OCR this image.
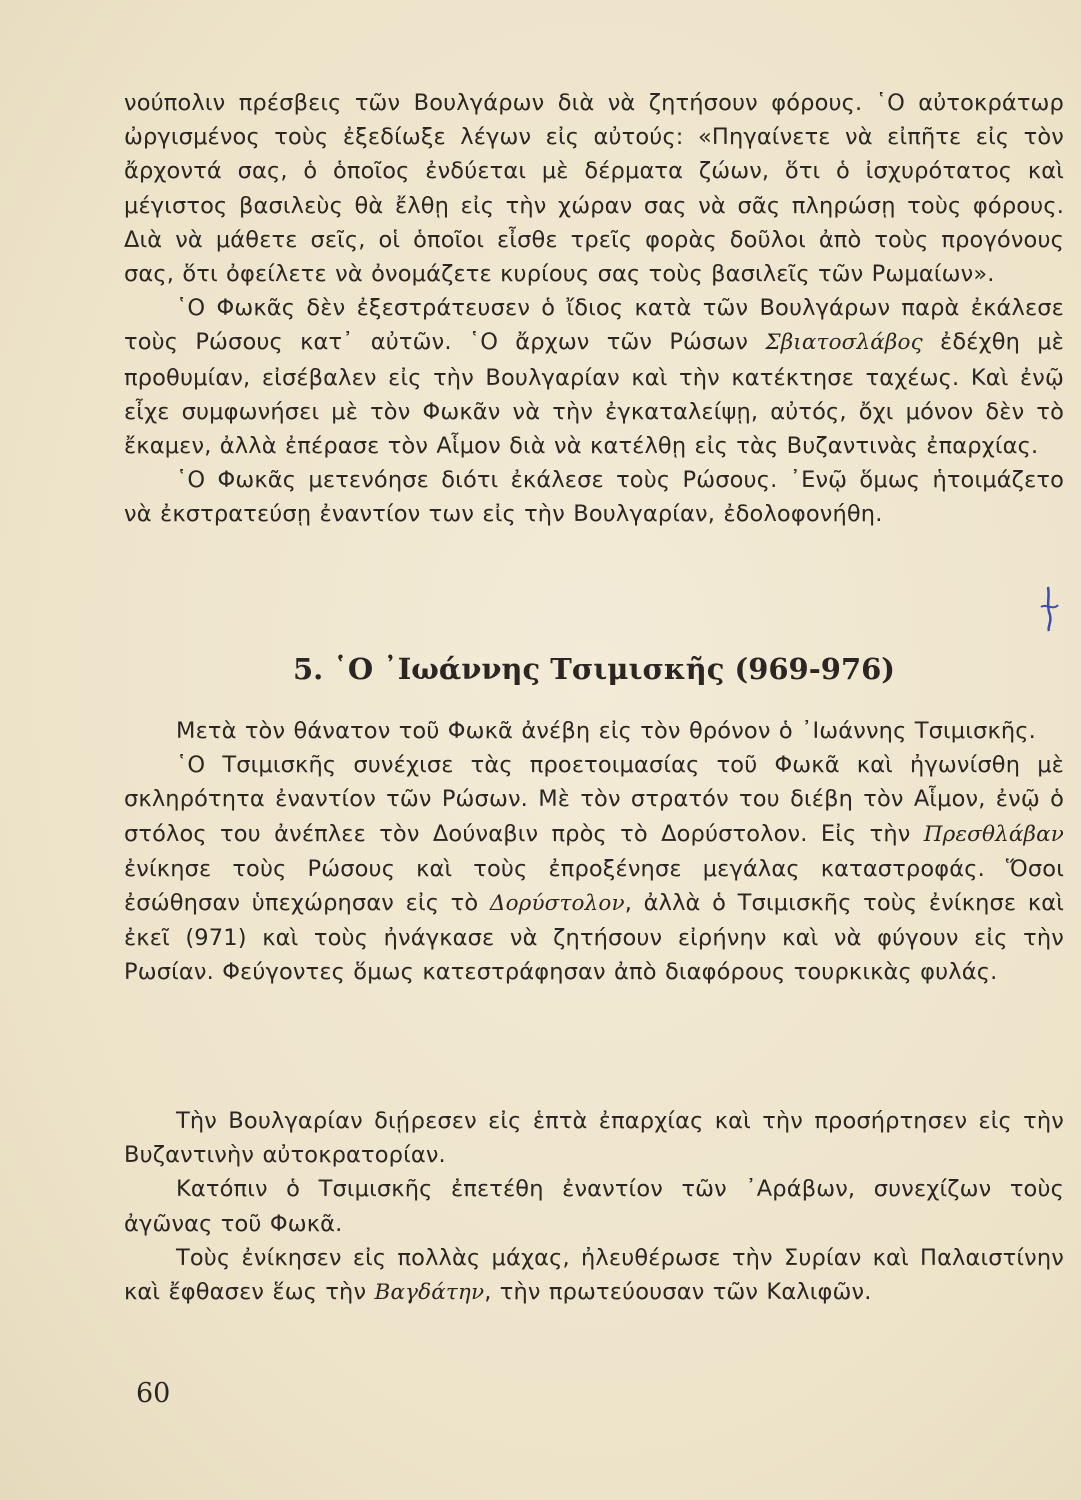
νούπολιν πρέσβεις τῶν Βουλγάρων διὰ νὰ ζητήσουν φόρους. ῾Ο αὐτοκράτωρ ὠργισμένος τοὺς ἐξεδίωξε λέγων εἰς αὐτούς: «Πηγαίνετε νὰ εἰπῆτε εἰς τὸν ἄρχοντά σας, ὁ ὁποῖος ἐνδύεται μὲ δέρματα ζώων, ὅτι ὁ ἰσχυρότατος καὶ μέγιστος βασιλεὺς θὰ ἔλθῃ εἰς τὴν χώραν σας νὰ σᾶς πληρώσῃ τοὺς φόρους. Διὰ νὰ μάθετε σεῖς, οἱ ὁποῖοι εἶσθε τρεῖς φορὰς δοῦλοι ἀπὸ τοὺς προγόνους σας, ὅτι ὀφείλετε νὰ ὀνομάζετε κυρίους σας τοὺς βασιλεῖς τῶν Ρωμαίων».

῾Ο Φωκᾶς δὲν ἐξεστράτευσεν ὁ ἴδιος κατὰ τῶν Βουλγάρων παρὰ ἐκάλεσε τοὺς Ρώσους κατ᾽ αὐτῶν. ῾Ο ἄρχων τῶν Ρώσων Σβιατοσλάβος ἐδέχθη μὲ προθυμίαν, εἰσέβαλεν εἰς τὴν Βουλγαρίαν καὶ τὴν κατέκτησε ταχέως. Καὶ ἐνῷ εἶχε συμφωνήσει μὲ τὸν Φωκᾶν νὰ τὴν ἐγκαταλείψῃ, αὐτός, ὄχι μόνον δὲν τὸ ἔκαμεν, ἀλλὰ ἐπέρασε τὸν Αἷμον διὰ νὰ κατέλθῃ εἰς τὰς Βυζαντινὰς ἐπαρχίας.

῾Ο Φωκᾶς μετενόησε διότι ἐκάλεσε τοὺς Ρώσους. ᾽Ενῷ ὅμως ἡτοιμάζετο νὰ ἐκστρατεύσῃ ἐναντίον των εἰς τὴν Βουλγαρίαν, ἐδολοφονήθη.

5. ῾Ο ᾽Ιωάννης Τσιμισκῆς (969-976)

Μετὰ τὸν θάνατον τοῦ Φωκᾶ ἀνέβη εἰς τὸν θρόνον ὁ ᾽Ιωάννης Τσιμισκῆς.

῾Ο Τσιμισκῆς συνέχισε τὰς προετοιμασίας τοῦ Φωκᾶ καὶ ἠγωνίσθη μὲ σκληρότητα ἐναντίον τῶν Ρώσων. Μὲ τὸν στρατόν του διέβη τὸν Αἷμον, ἐνῷ ὁ στόλος του ἀνέπλεε τὸν Δούναβιν πρὸς τὸ Δορύστολον. Εἰς τὴν Πρεσθλάβαν ἐνίκησε τοὺς Ρώσους καὶ τοὺς ἐπροξένησε μεγάλας καταστροφάς. Ὅσοι ἐσώθησαν ὑπεχώρησαν εἰς τὸ Δορύστολον, ἀλλὰ ὁ Τσιμισκῆς τοὺς ἐνίκησε καὶ ἐκεῖ (971) καὶ τοὺς ἠνάγκασε νὰ ζητήσουν εἰρήνην καὶ νὰ φύγουν εἰς τὴν Ρωσίαν. Φεύγοντες ὅμως κατεστράφησαν ἀπὸ διαφόρους τουρκικὰς φυλάς.

Τὴν Βουλγαρίαν διῄρεσεν εἰς ἑπτὰ ἐπαρχίας καὶ τὴν προσήρτησεν εἰς τὴν Βυζαντινὴν αὐτοκρατορίαν.

Κατόπιν ὁ Τσιμισκῆς ἐπετέθη ἐναντίον τῶν ᾽Αράβων, συνεχίζων τοὺς ἀγῶνας τοῦ Φωκᾶ.

Τοὺς ἐνίκησεν εἰς πολλὰς μάχας, ἠλευθέρωσε τὴν Συρίαν καὶ Παλαιστίνην καὶ ἔφθασεν ἕως τὴν Βαγδάτην, τὴν πρωτεύουσαν τῶν Καλιφῶν.

60
